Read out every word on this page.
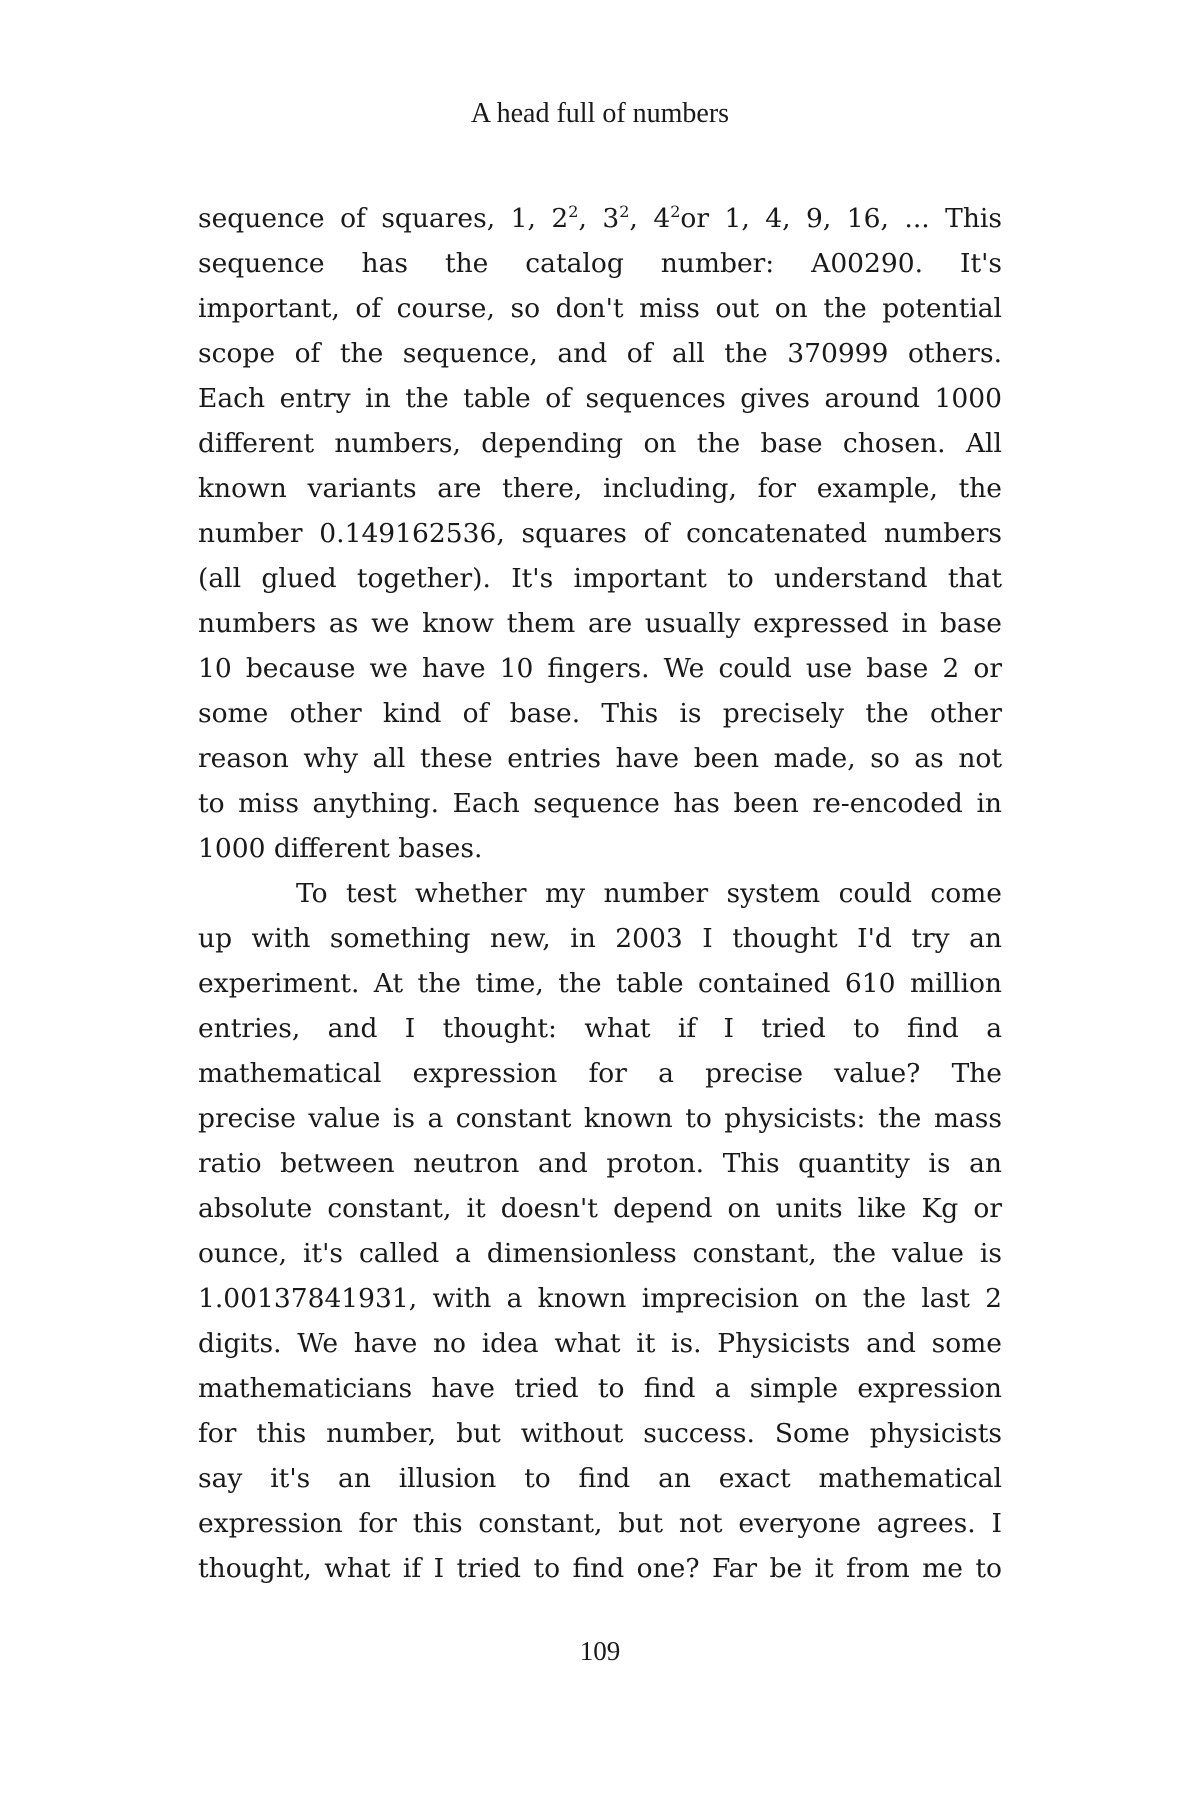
A head full of numbers
sequence of squares, 1, $2^2$, $3^2$, $4^2or$ 1, 4, 9, 16, ... This
sequence has the catalog number: A00290. It's
important, of course, so don't miss out on the potential
scope of the sequence, and of all the 370999 others.
Each entry in the table of sequences gives around 1000
different numbers, depending on the base chosen. All
known variants are there, including, for example, the
number 0.149162536, squares of concatenated numbers
(all glued together). It's important to understand that
numbers as we know them are usually expressed in base
10 because we have 10 fingers. We could use base 2 or
some other kind of base. This is precisely the other
reason why all these entries have been made, so as not
to miss anything. Each sequence has been re-encoded in
1000 different bases.
To test whether my number system could come
up with something new, in 2003 I thought I'd try an
experiment. At the time, the table contained 610 million
entries, and I thought: what if I tried to find a
mathematical expression for a precise value? The
precise value is a constant known to physicists: the mass
ratio between neutron and proton. This quantity is an
absolute constant, it doesn't depend on units like Kg or
ounce, it's called a dimensionless constant, the value is
1.00137841931, with a known imprecision on the last 2
digits. We have no idea what it is. Physicists and some
mathematicians have tried to find a simple expression
for this number, but without success. Some physicists
say it's an illusion to find an exact mathematical
expression for this constant, but not everyone agrees. I
thought, what if I tried to find one? Far be it from me to
109
